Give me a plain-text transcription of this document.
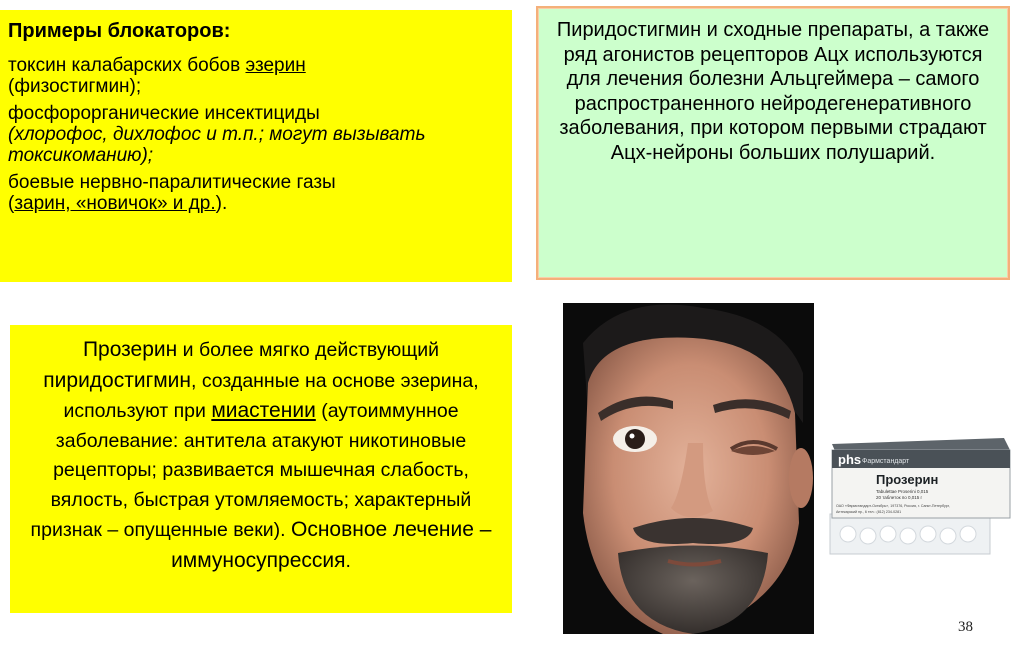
Примеры блокаторов:

токсин калабарских бобов эзерин
(физостигмин);

фосфорорганические инсектициды
(хлорофос, дихлофос и т.п.; могут вызывать токсикоманию);

боевые нервно-паралитические газы
(зарин, «новичок» и др.).

Пиридостигмин и сходные препараты, а также ряд агонистов рецепторов Ацх используются для лечения болезни Альцгеймера – самого распространенного нейродегенеративного заболевания, при котором первыми страдают Ацх-нейроны больших полушарий.

Прозерин и более мягко действующий пиридостигмин, созданные на основе эзерина, используют при миастении (аутоиммунное заболевание: антитела атакуют никотиновые рецепторы; развивается мышечная слабость, вялость, быстрая утомляемость; характерный признак – опущенные веки). Основное лечение – иммуносупрессия.

phs Фармстандарт
Прозерин
Tabulettae Proserini 0,015
20 таблеток по 0,015 г
ОАО «Фармстандарт-Октябрь», 197376, Россия, г. Санкт-Петербург,
Аптекарский пр., 6 тел.: (812) 234-0281
38
